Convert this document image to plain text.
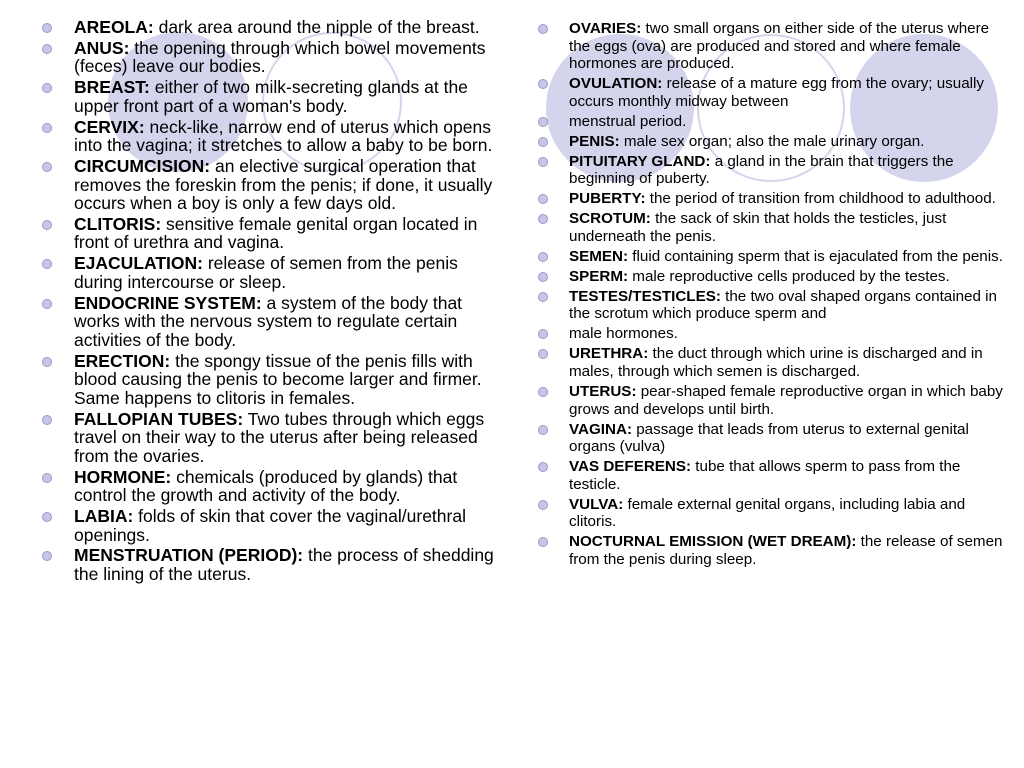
AREOLA: dark area around the nipple of the breast.
ANUS: the opening through which bowel movements (feces) leave our bodies.
BREAST: either of two milk-secreting glands at the upper front part of a woman's body.
CERVIX: neck-like, narrow end of uterus which opens into the vagina; it stretches to allow a baby to be born.
CIRCUMCISION: an elective surgical operation that removes the foreskin from the penis; if done, it usually occurs when a boy is only a few days old.
CLITORIS: sensitive female genital organ located in front of urethra and vagina.
EJACULATION: release of semen from the penis during intercourse or sleep.
ENDOCRINE SYSTEM: a system of the body that works with the nervous system to regulate certain activities of the body.
ERECTION: the spongy tissue of the penis fills with blood causing the penis to become larger and firmer. Same happens to clitoris in females.
FALLOPIAN TUBES: Two tubes through which eggs travel on their way to the uterus after being released from the ovaries.
HORMONE: chemicals (produced by glands) that control the growth and activity of the body.
LABIA: folds of skin that cover the vaginal/urethral openings.
MENSTRUATION (PERIOD): the process of shedding the lining of the uterus.
OVARIES: two small organs on either side of the uterus where the eggs (ova) are produced and stored and where female hormones are produced.
OVULATION: release of a mature egg from the ovary; usually occurs monthly midway between
menstrual period.
PENIS: male sex organ; also the male urinary organ.
PITUITARY GLAND: a gland in the brain that triggers the beginning of puberty.
PUBERTY: the period of transition from childhood to adulthood.
SCROTUM: the sack of skin that holds the testicles, just underneath the penis.
SEMEN: fluid containing sperm that is ejaculated from the penis.
SPERM: male reproductive cells produced by the testes.
TESTES/TESTICLES: the two oval shaped organs contained in the scrotum which produce sperm and
male hormones.
URETHRA: the duct through which urine is discharged and in males, through which semen is discharged.
UTERUS: pear-shaped female reproductive organ in which baby grows and develops until birth.
VAGINA: passage that leads from uterus to external genital organs (vulva)
VAS DEFERENS: tube that allows sperm to pass from the testicle.
VULVA: female external genital organs, including labia and clitoris.
NOCTURNAL EMISSION (WET DREAM): the release of semen from the penis during sleep.
